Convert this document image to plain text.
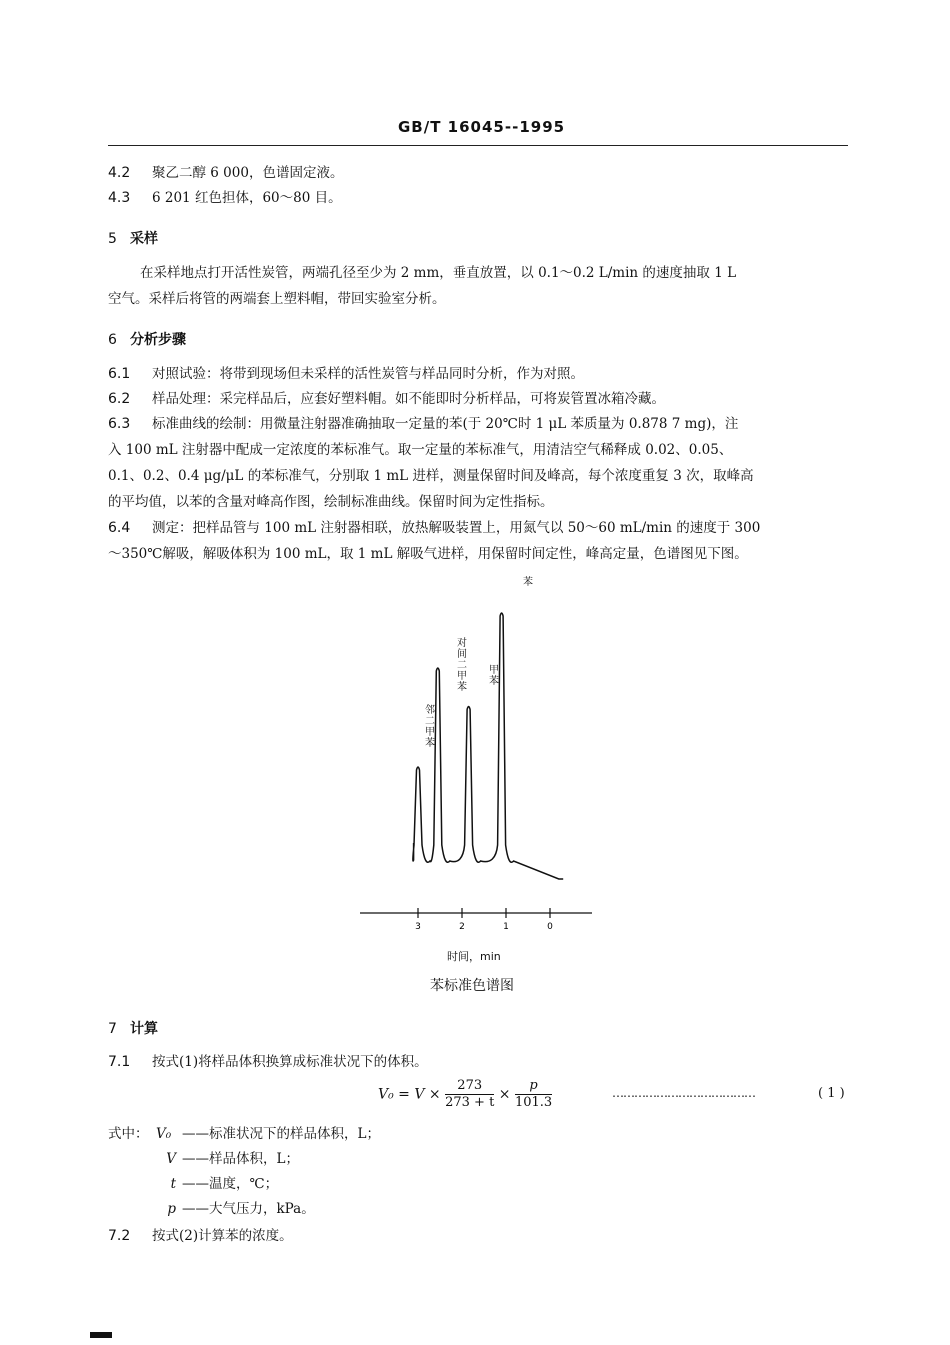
GB/T 16045--1995
4.2 聚乙二醇 6 000，色谱固定液。
4.3 6 201 红色担体，60～80 目。
5 采样
在采样地点打开活性炭管，两端孔径至少为 2 mm，垂直放置，以 0.1～0.2 L/min 的速度抽取 1 L
空气。采样后将管的两端套上塑料帽，带回实验室分析。
6 分析步骤
6.1 对照试验：将带到现场但未采样的活性炭管与样品同时分析，作为对照。
6.2 样品处理：采完样品后，应套好塑料帽。如不能即时分析样品，可将炭管置冰箱冷藏。
6.3 标准曲线的绘制：用微量注射器准确抽取一定量的苯(于 20℃时 1 μL 苯质量为 0.878 7 mg)，注
入 100 mL 注射器中配成一定浓度的苯标准气。取一定量的苯标准气，用清洁空气稀释成 0.02、0.05、
0.1、0.2、0.4 μg/μL 的苯标准气，分别取 1 mL 进样，测量保留时间及峰高，每个浓度重复 3 次，取峰高
的平均值，以苯的含量对峰高作图，绘制标准曲线。保留时间为定性指标。
6.4 测定：把样品管与 100 mL 注射器相联，放热解吸装置上，用氮气以 50～60 mL/min 的速度于 300
～350℃解吸，解吸体积为 100 mL，取 1 mL 解吸气进样，用保留时间定性，峰高定量，色谱图见下图。
3	2	1	0
邻二甲苯
对间二甲苯
甲苯
苯
时间，min
苯标准色谱图
7 计算
7.1 按式(1)将样品体积换算成标准状况下的体积。
$V_0 = V \times \frac{273}{273 + t} \times \frac{p}{101.3}$	…………………………………	( 1 )
式中： V₀ ——标准状况下的样品体积，L；
V ——样品体积，L；
t ——温度，℃；
p ——大气压力，kPa。
7.2 按式(2)计算苯的浓度。
